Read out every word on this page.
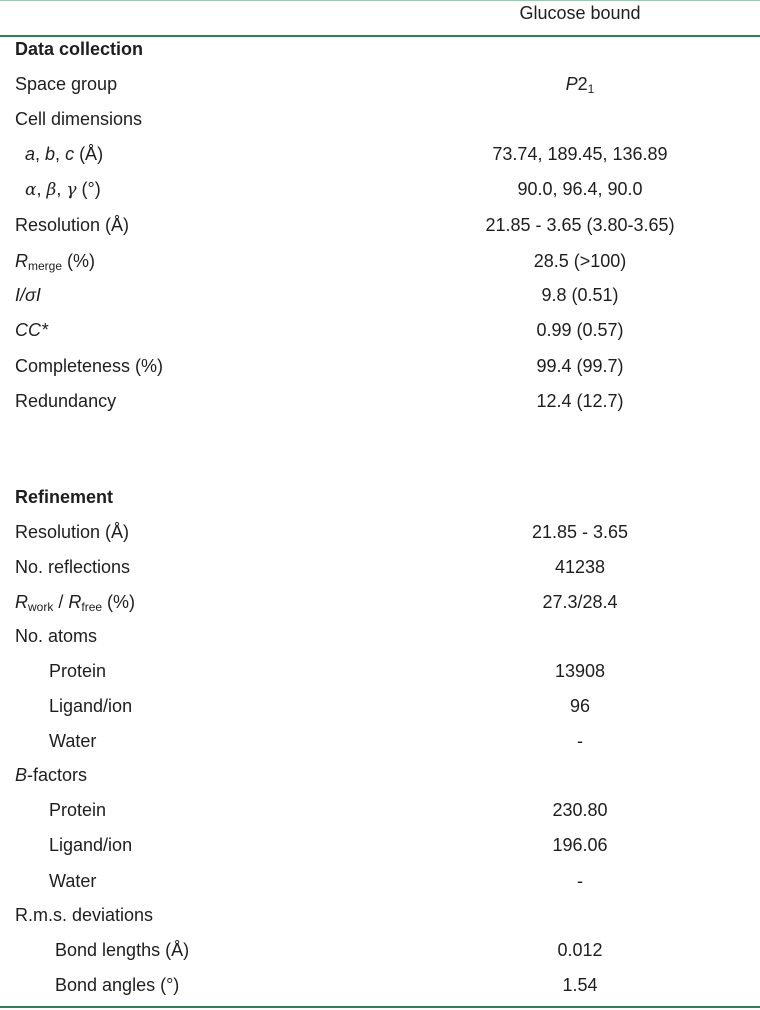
Glucose bound
Data collection
Space group	$P2_1$
Cell dimensions
a, b, c (Å)	73.74, 189.45, 136.89
α, β, γ (°)	90.0, 96.4, 90.0
Resolution (Å)	21.85 - 3.65 (3.80-3.65)
$R_{merge}$ (%)	28.5 (>100)
I/σI	9.8 (0.51)
CC*	0.99 (0.57)
Completeness (%)	99.4 (99.7)
Redundancy	12.4 (12.7)
Refinement
Resolution (Å)	21.85 - 3.65
No. reflections	41238
$R_{work} / R_{free}$ (%)	27.3/28.4
No. atoms
Protein	13908
Ligand/ion	96
Water	-
B-factors
Protein	230.80
Ligand/ion	196.06
Water	-
R.m.s. deviations
Bond lengths (Å)	0.012
Bond angles (°)	1.54
